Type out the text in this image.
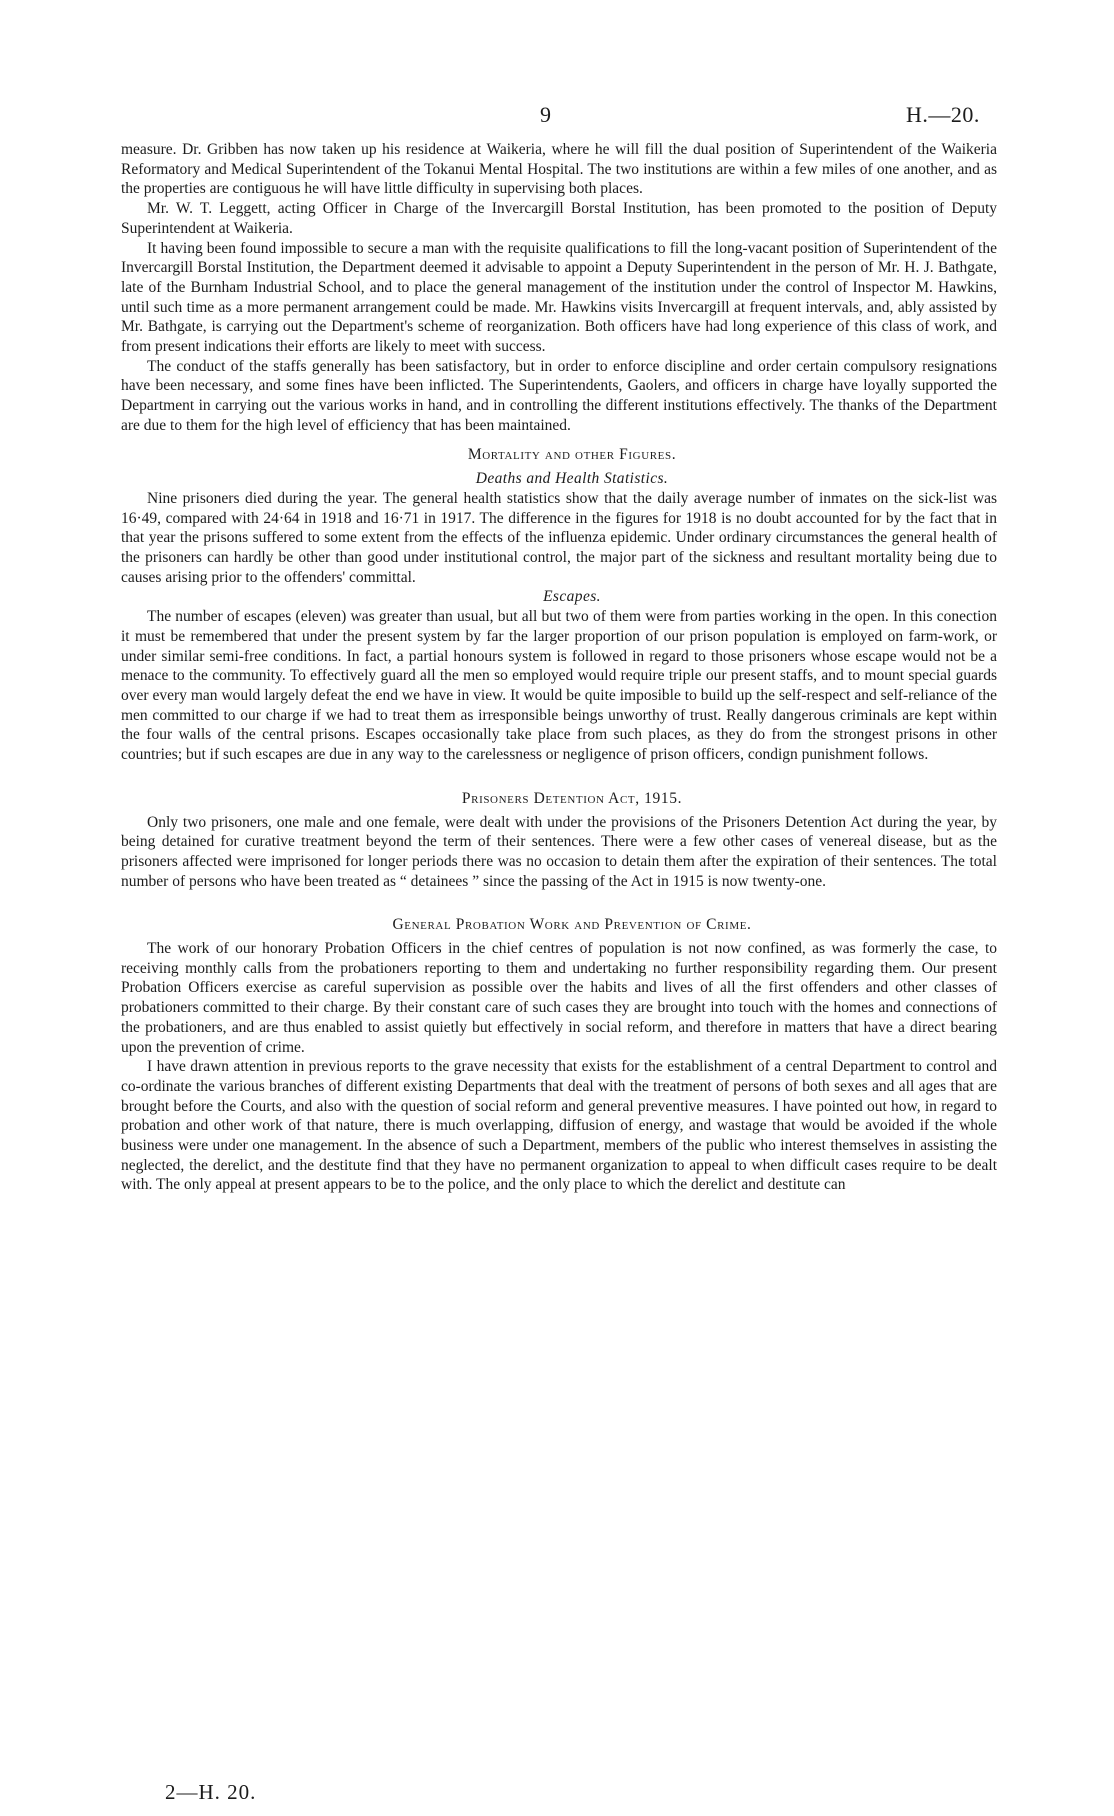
9	H.—20.

measure. Dr. Gribben has now taken up his residence at Waikeria, where he will fill the dual position of Superintendent of the Waikeria Reformatory and Medical Superintendent of the Tokanui Mental Hospital. The two institutions are within a few miles of one another, and as the properties are contiguous he will have little difficulty in supervising both places.

Mr. W. T. Leggett, acting Officer in Charge of the Invercargill Borstal Institution, has been promoted to the position of Deputy Superintendent at Waikeria.

It having been found impossible to secure a man with the requisite qualifications to fill the long-vacant position of Superintendent of the Invercargill Borstal Institution, the Department deemed it advisable to appoint a Deputy Superintendent in the person of Mr. H. J. Bathgate, late of the Burnham Industrial School, and to place the general management of the institution under the control of Inspector M. Hawkins, until such time as a more permanent arrangement could be made. Mr. Hawkins visits Invercargill at frequent intervals, and, ably assisted by Mr. Bathgate, is carrying out the Department's scheme of reorganization. Both officers have had long experience of this class of work, and from present indications their efforts are likely to meet with success.

The conduct of the staffs generally has been satisfactory, but in order to enforce discipline and order certain compulsory resignations have been necessary, and some fines have been inflicted. The Superintendents, Gaolers, and officers in charge have loyally supported the Department in carrying out the various works in hand, and in controlling the different institutions effectively. The thanks of the Department are due to them for the high level of efficiency that has been maintained.

Mortality and other Figures.

Deaths and Health Statistics.

Nine prisoners died during the year. The general health statistics show that the daily average number of inmates on the sick-list was 16·49, compared with 24·64 in 1918 and 16·71 in 1917. The difference in the figures for 1918 is no doubt accounted for by the fact that in that year the prisons suffered to some extent from the effects of the influenza epidemic. Under ordinary circumstances the general health of the prisoners can hardly be other than good under institutional control, the major part of the sickness and resultant mortality being due to causes arising prior to the offenders' committal.

Escapes.

The number of escapes (eleven) was greater than usual, but all but two of them were from parties working in the open. In this conection it must be remembered that under the present system by far the larger proportion of our prison population is employed on farm-work, or under similar semi-free conditions. In fact, a partial honours system is followed in regard to those prisoners whose escape would not be a menace to the community. To effectively guard all the men so employed would require triple our present staffs, and to mount special guards over every man would largely defeat the end we have in view. It would be quite imposible to build up the self-respect and self-reliance of the men committed to our charge if we had to treat them as irresponsible beings unworthy of trust. Really dangerous criminals are kept within the four walls of the central prisons. Escapes occasionally take place from such places, as they do from the strongest prisons in other countries; but if such escapes are due in any way to the carelessness or negligence of prison officers, condign punishment follows.

Prisoners Detention Act, 1915.

Only two prisoners, one male and one female, were dealt with under the provisions of the Prisoners Detention Act during the year, by being detained for curative treatment beyond the term of their sentences. There were a few other cases of venereal disease, but as the prisoners affected were imprisoned for longer periods there was no occasion to detain them after the expiration of their sentences. The total number of persons who have been treated as “ detainees ” since the passing of the Act in 1915 is now twenty-one.

General Probation Work and Prevention of Crime.

The work of our honorary Probation Officers in the chief centres of population is not now confined, as was formerly the case, to receiving monthly calls from the probationers reporting to them and undertaking no further responsibility regarding them. Our present Probation Officers exercise as careful supervision as possible over the habits and lives of all the first offenders and other classes of probationers committed to their charge. By their constant care of such cases they are brought into touch with the homes and connections of the probationers, and are thus enabled to assist quietly but effectively in social reform, and therefore in matters that have a direct bearing upon the prevention of crime.

I have drawn attention in previous reports to the grave necessity that exists for the establishment of a central Department to control and co-ordinate the various branches of different existing Departments that deal with the treatment of persons of both sexes and all ages that are brought before the Courts, and also with the question of social reform and general preventive measures. I have pointed out how, in regard to probation and other work of that nature, there is much overlapping, diffusion of energy, and wastage that would be avoided if the whole business were under one management. In the absence of such a Department, members of the public who interest themselves in assisting the neglected, the derelict, and the destitute find that they have no permanent organization to appeal to when difficult cases require to be dealt with. The only appeal at present appears to be to the police, and the only place to which the derelict and destitute can

2—H. 20.
